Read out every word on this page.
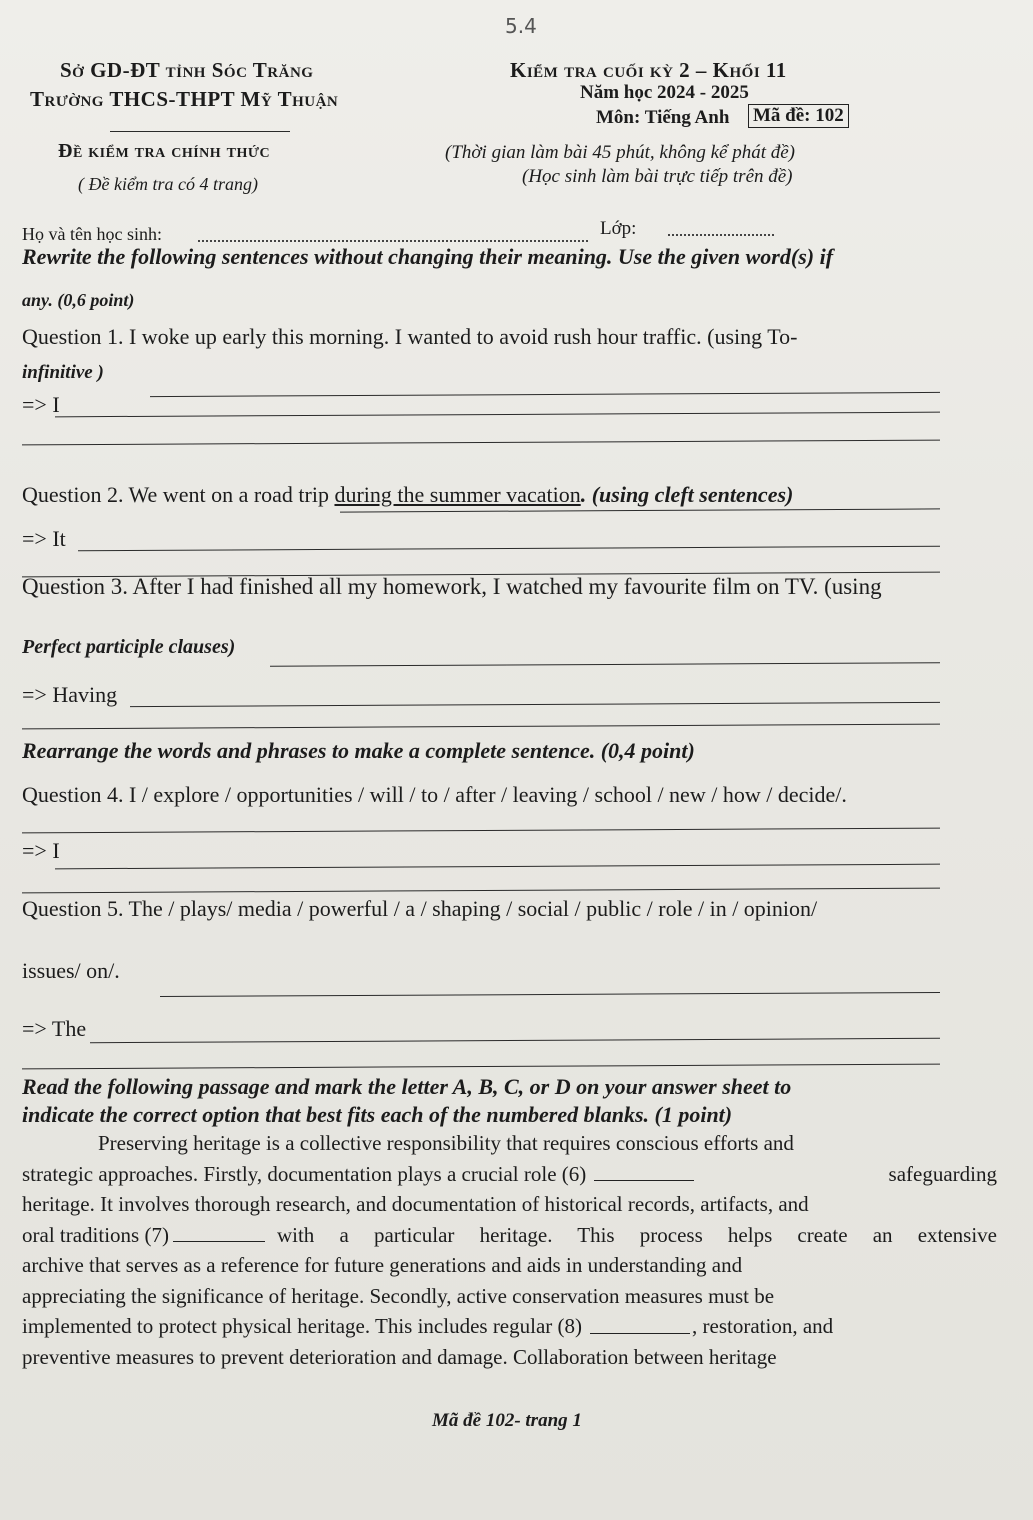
5.4
Sở GD-ĐT tỉnh Sóc Trăng
Trường THCS-THPT Mỹ Thuận
Đề kiểm tra chính thức
( Đề kiểm tra có 4 trang)
Kiểm tra cuối kỳ 2 – Khối 11
Năm học 2024 - 2025
Môn: Tiếng Anh Mã đề: 102
(Thời gian làm bài 45 phút, không kể phát đề)
(Học sinh làm bài trực tiếp trên đề)
Họ và tên học sinh:	Lớp:
Rewrite the following sentences without changing their meaning. Use the given word(s) if
any. (0,6 point)
Question 1. I woke up early this morning. I wanted to avoid rush hour traffic. (using To-
infinitive )
=> I
Question 2. We went on a road trip during the summer vacation. (using cleft sentences)
=> It
Question 3. After I had finished all my homework, I watched my favourite film on TV. (using
Perfect participle clauses)
=> Having
Rearrange the words and phrases to make a complete sentence. (0,4 point)
Question 4. I / explore / opportunities / will / to / after / leaving / school / new / how / decide/.
=> I
Question 5. The / plays/ media / powerful / a / shaping / social / public / role / in / opinion/
issues/ on/.
=> The
Read the following passage and mark the letter A, B, C, or D on your answer sheet to
indicate the correct option that best fits each of the numbered blanks. (1 point)

Preserving heritage is a collective responsibility that requires conscious efforts and

strategic approaches. Firstly, documentation plays a crucial role (6)	safeguarding

heritage. It involves thorough research, and documentation of historical records, artifacts, and

oral traditions (7)	with a particular heritage. This process helps create an extensive

archive that serves as a reference for future generations and aids in understanding and

appreciating the significance of heritage. Secondly, active conservation measures must be

implemented to protect physical heritage. This includes regular (8)	, restoration, and

preventive measures to prevent deterioration and damage. Collaboration between heritage

Mã đề 102- trang 1
